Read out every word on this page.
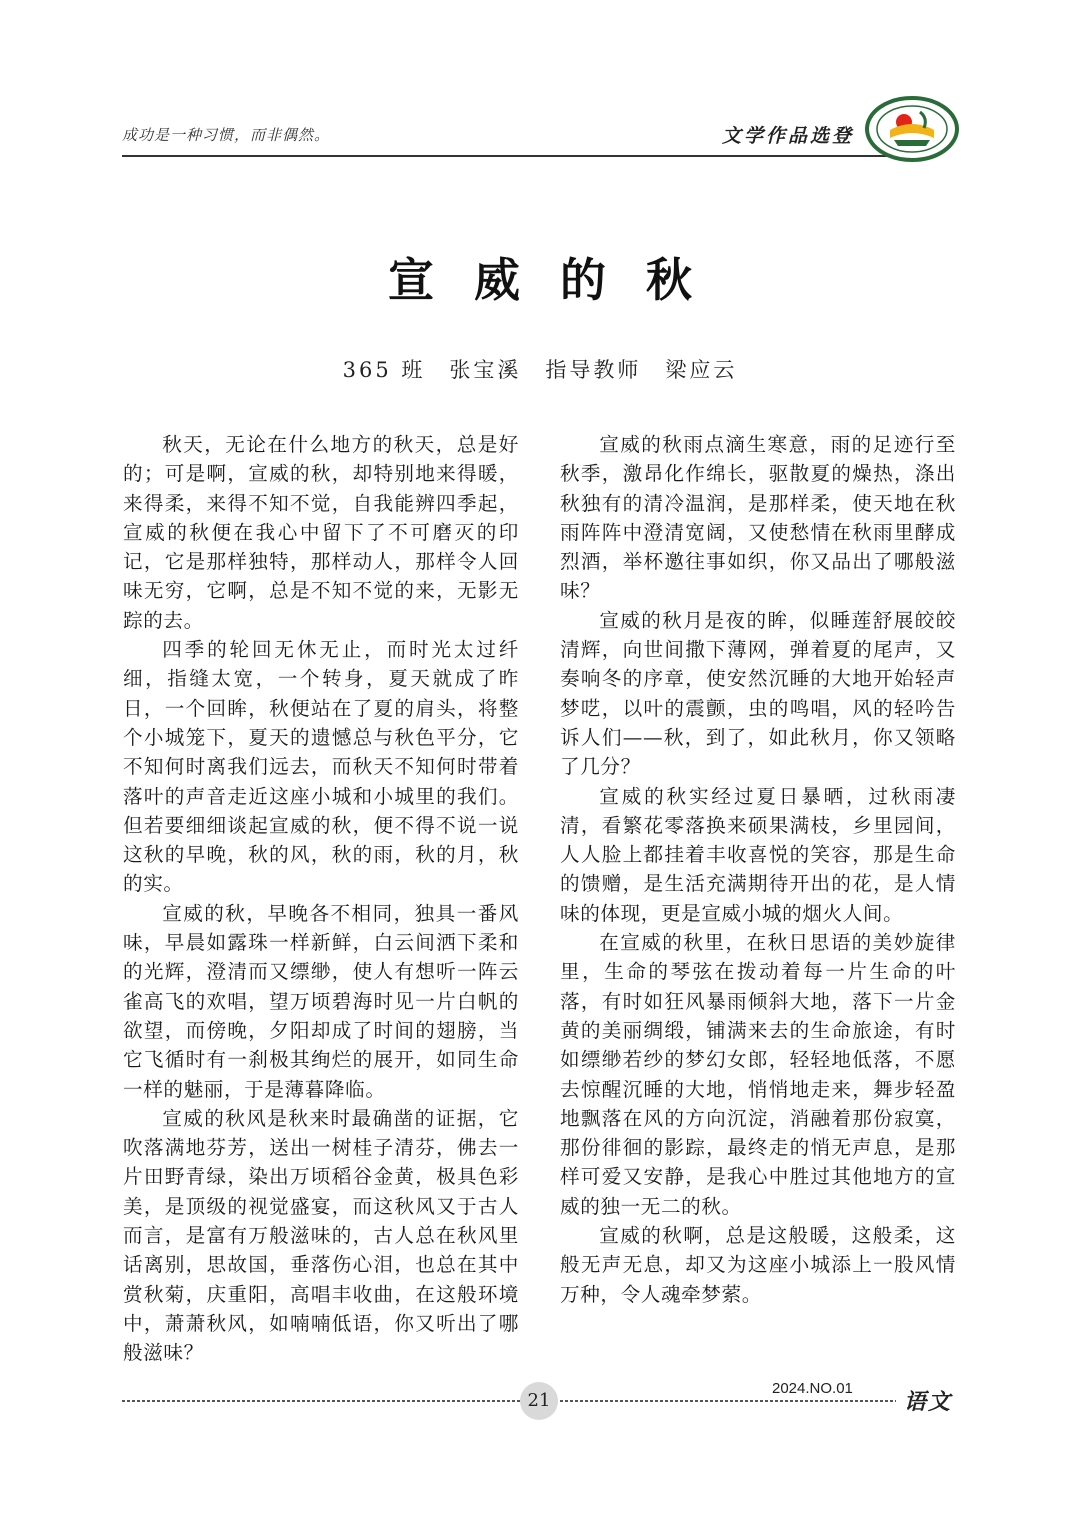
成功是一种习惯，而非偶然。	文学作品选登
宣威的秋
365 班 张宝溪 指导教师 梁应云

秋天，无论在什么地方的秋天，总是好的；可是啊，宣威的秋，却特别地来得暖，来得柔，来得不知不觉，自我能辨四季起，宣威的秋便在我心中留下了不可磨灭的印记，它是那样独特，那样动人，那样令人回味无穷，它啊，总是不知不觉的来，无影无踪的去。

四季的轮回无休无止，而时光太过纤细，指缝太宽，一个转身，夏天就成了昨日，一个回眸，秋便站在了夏的肩头，将整个小城笼下，夏天的遗憾总与秋色平分，它不知何时离我们远去，而秋天不知何时带着落叶的声音走近这座小城和小城里的我们。但若要细细谈起宣威的秋，便不得不说一说这秋的早晚，秋的风，秋的雨，秋的月，秋的实。

宣威的秋，早晚各不相同，独具一番风味，早晨如露珠一样新鲜，白云间洒下柔和的光辉，澄清而又缥缈，使人有想听一阵云雀高飞的欢唱，望万顷碧海时见一片白帆的欲望，而傍晚，夕阳却成了时间的翅膀，当它飞循时有一刹极其绚烂的展开，如同生命一样的魅丽，于是薄暮降临。

宣威的秋风是秋来时最确凿的证据，它吹落满地芬芳，送出一树桂子清芬，佛去一片田野青绿，染出万顷稻谷金黄，极具色彩美，是顶级的视觉盛宴，而这秋风又于古人而言，是富有万般滋味的，古人总在秋风里话离别，思故国，垂落伤心泪，也总在其中赏秋菊，庆重阳，高唱丰收曲，在这般环境中，萧萧秋风，如喃喃低语，你又听出了哪般滋味？

宣威的秋雨点滴生寒意，雨的足迹行至秋季，激昂化作绵长，驱散夏的燥热，涤出秋独有的清冷温润，是那样柔，使天地在秋雨阵阵中澄清宽阔，又使愁情在秋雨里酵成烈酒，举杯邀往事如织，你又品出了哪般滋味？

宣威的秋月是夜的眸，似睡莲舒展皎皎清辉，向世间撒下薄网，弹着夏的尾声，又奏响冬的序章，使安然沉睡的大地开始轻声梦呓，以叶的震颤，虫的鸣唱，风的轻吟告诉人们——秋，到了，如此秋月，你又领略了几分？

宣威的秋实经过夏日暴晒，过秋雨凄清，看繁花零落换来硕果满枝，乡里园间，人人脸上都挂着丰收喜悦的笑容，那是生命的馈赠，是生活充满期待开出的花，是人情味的体现，更是宣威小城的烟火人间。

在宣威的秋里，在秋日思语的美妙旋律里，生命的琴弦在拨动着每一片生命的叶落，有时如狂风暴雨倾斜大地，落下一片金黄的美丽绸缎，铺满来去的生命旅途，有时如缥缈若纱的梦幻女郎，轻轻地低落，不愿去惊醒沉睡的大地，悄悄地走来，舞步轻盈地飘落在风的方向沉淀，消融着那份寂寞，那份徘徊的影踪，最终走的悄无声息，是那样可爱又安静，是我心中胜过其他地方的宣威的独一无二的秋。

宣威的秋啊，总是这般暖，这般柔，这般无声无息，却又为这座小城添上一股风情万种，令人魂牵梦萦。

21
2024.NO.01
语文
